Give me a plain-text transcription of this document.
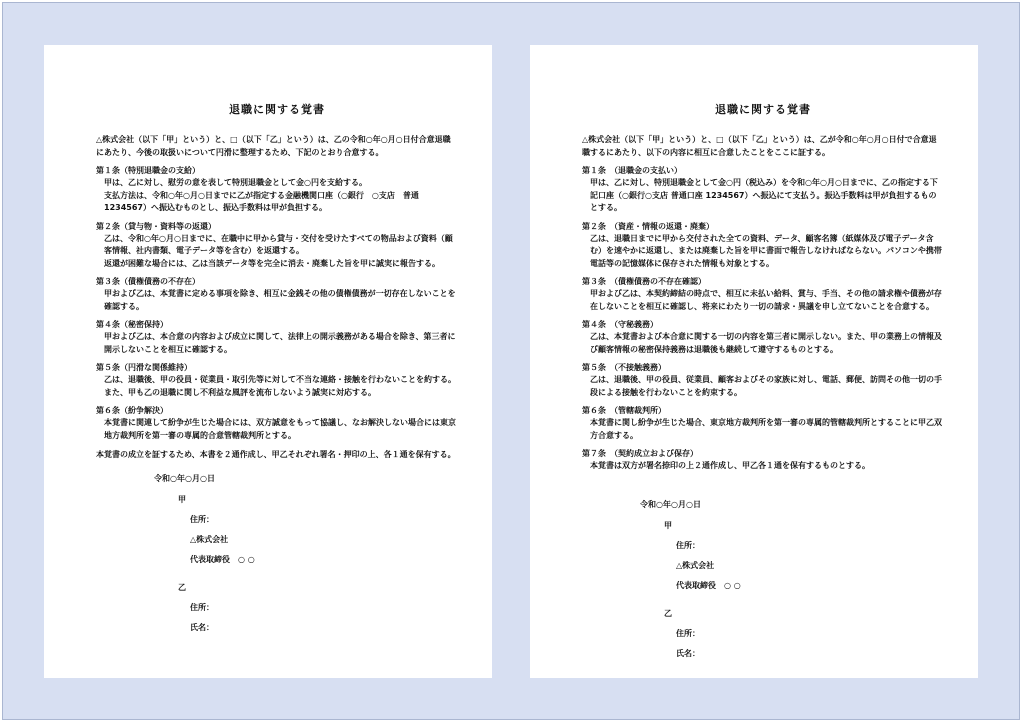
退職に関する覚書
△株式会社（以下「甲」という）と、□（以下「乙」という）は、乙の令和○年○月○日付合意退職にあたり、今後の取扱いについて円滑に整理するため、下記のとおり合意する。
第１条（特別退職金の支給）
甲は、乙に対し、慰労の意を表して特別退職金として金○円を支給する。
支払方法は、令和○年○月○日までに乙が指定する金融機関口座（○銀行　○支店　普通 1234567）へ振込むものとし、振込手数料は甲が負担する。
第２条（貸与物・資料等の返還）
乙は、令和○年○月○日までに、在職中に甲から貸与・交付を受けたすべての物品および資料（顧客情報、社内書類、電子データ等を含む）を返還する。
返還が困難な場合には、乙は当該データ等を完全に消去・廃棄した旨を甲に誠実に報告する。
第３条（債権債務の不存在）
甲および乙は、本覚書に定める事項を除き、相互に金銭その他の債権債務が一切存在しないことを確認する。
第４条（秘密保持）
甲および乙は、本合意の内容および成立に関して、法律上の開示義務がある場合を除き、第三者に開示しないことを相互に確認する。
第５条（円滑な関係維持）
乙は、退職後、甲の役員・従業員・取引先等に対して不当な連絡・接触を行わないことを約する。
また、甲も乙の退職に関し不利益な風評を流布しないよう誠実に対応する。
第６条（紛争解決）
本覚書に関連して紛争が生じた場合には、双方誠意をもって協議し、なお解決しない場合には東京地方裁判所を第一審の専属的合意管轄裁判所とする。
本覚書の成立を証するため、本書を２通作成し、甲乙それぞれ署名・押印の上、各１通を保有する。
令和○年○月○日
甲
住所：
△株式会社
代表取締役　○ ○
乙
住所：
氏名：
退職に関する覚書
△株式会社（以下「甲」という）と、□（以下「乙」という）は、乙が令和○年○月○日付で合意退職するにあたり、以下の内容に相互に合意したことをここに証する。
第１条　（退職金の支払い）
甲は、乙に対し、特別退職金として金○円（税込み）を令和○年○月○日までに、乙の指定する下記口座（○銀行○支店 普通口座 1234567）へ振込にて支払う。振込手数料は甲が負担するものとする。
第２条　（資産・情報の返還・廃棄）
乙は、退職日までに甲から交付された全ての資料、データ、顧客名簿（紙媒体及び電子データ含む）を速やかに返還し、または廃棄した旨を甲に書面で報告しなければならない。パソコンや携帯電話等の記憶媒体に保存された情報も対象とする。
第３条　（債権債務の不存在確認）
甲および乙は、本契約締結の時点で、相互に未払い給料、賞与、手当、その他の請求権や債務が存在しないことを相互に確認し、将来にわたり一切の請求・異議を申し立てないことを合意する。
第４条　（守秘義務）
乙は、本覚書および本合意に関する一切の内容を第三者に開示しない。また、甲の業務上の情報及び顧客情報の秘密保持義務は退職後も継続して遵守するものとする。
第５条　（不接触義務）
乙は、退職後、甲の役員、従業員、顧客およびその家族に対し、電話、郵便、訪問その他一切の手段による接触を行わないことを約束する。
第６条　（管轄裁判所）
本覚書に関し紛争が生じた場合、東京地方裁判所を第一審の専属的管轄裁判所とすることに甲乙双方合意する。
第７条　（契約成立および保存）
本覚書は双方が署名捺印の上２通作成し、甲乙各１通を保有するものとする。
令和○年○月○日
甲
住所：
△株式会社
代表取締役　○ ○
乙
住所：
氏名：
